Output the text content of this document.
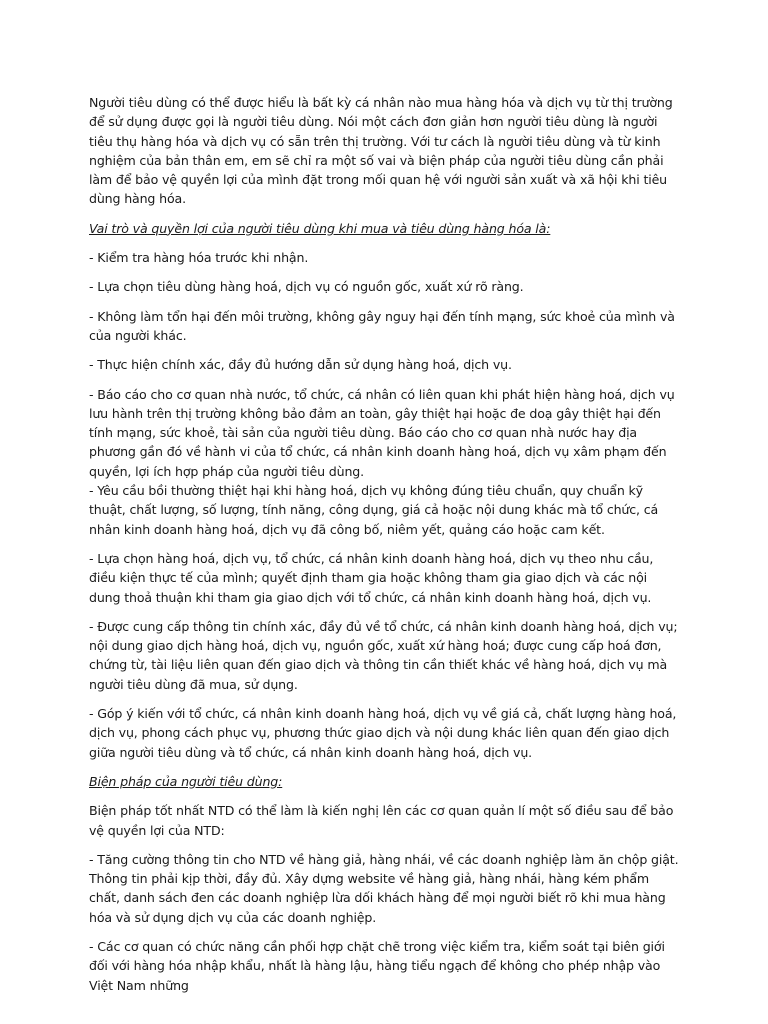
Người tiêu dùng có thể được hiểu là bất kỳ cá nhân nào mua hàng hóa và dịch vụ từ thị trường để sử dụng được gọi là người tiêu dùng. Nói một cách đơn giản hơn người tiêu dùng là người tiêu thụ hàng hóa và dịch vụ có sẵn trên thị trường. Với tư cách là người tiêu dùng và từ kinh nghiệm của bản thân em, em sẽ chỉ ra một số vai và biện pháp của người tiêu dùng cần phải làm để bảo vệ quyền lợi của mình đặt trong mối quan hệ với người sản xuất và xã hội khi tiêu dùng hàng hóa.

Vai trò và quyền lợi của người tiêu dùng khi mua và tiêu dùng hàng hóa là:

- Kiểm tra hàng hóa trước khi nhận.

- Lựa chọn tiêu dùng hàng hoá, dịch vụ có nguồn gốc, xuất xứ rõ ràng.

- Không làm tổn hại đến môi trường, không gây nguy hại đến tính mạng, sức khoẻ của mình và của người khác.

- Thực hiện chính xác, đầy đủ hướng dẫn sử dụng hàng hoá, dịch vụ.

- Báo cáo cho cơ quan nhà nước, tổ chức, cá nhân có liên quan khi phát hiện hàng hoá, dịch vụ lưu hành trên thị trường không bảo đảm an toàn, gây thiệt hại hoặc đe doạ gây thiệt hại đến tính mạng, sức khoẻ, tài sản của người tiêu dùng. Báo cáo cho cơ quan nhà nước hay địa phương gần đó về hành vi của tổ chức, cá nhân kinh doanh hàng hoá, dịch vụ xâm phạm đến quyền, lợi ích hợp pháp của người tiêu dùng.

- Yêu cầu bồi thường thiệt hại khi hàng hoá, dịch vụ không đúng tiêu chuẩn, quy chuẩn kỹ thuật, chất lượng, số lượng, tính năng, công dụng, giá cả hoặc nội dung khác mà tổ chức, cá nhân kinh doanh hàng hoá, dịch vụ đã công bố, niêm yết, quảng cáo hoặc cam kết.

- Lựa chọn hàng hoá, dịch vụ, tổ chức, cá nhân kinh doanh hàng hoá, dịch vụ theo nhu cầu, điều kiện thực tế của mình; quyết định tham gia hoặc không tham gia giao dịch và các nội dung thoả thuận khi tham gia giao dịch với tổ chức, cá nhân kinh doanh hàng hoá, dịch vụ.

- Được cung cấp thông tin chính xác, đầy đủ về tổ chức, cá nhân kinh doanh hàng hoá, dịch vụ; nội dung giao dịch hàng hoá, dịch vụ, nguồn gốc, xuất xứ hàng hoá; được cung cấp hoá đơn, chứng từ, tài liệu liên quan đến giao dịch và thông tin cần thiết khác về hàng hoá, dịch vụ mà người tiêu dùng đã mua, sử dụng.

- Góp ý kiến với tổ chức, cá nhân kinh doanh hàng hoá, dịch vụ về giá cả, chất lượng hàng hoá, dịch vụ, phong cách phục vụ, phương thức giao dịch và nội dung khác liên quan đến giao dịch giữa người tiêu dùng và tổ chức, cá nhân kinh doanh hàng hoá, dịch vụ.

Biện pháp của người tiêu dùng:

Biện pháp tốt nhất NTD có thể làm là kiến nghị lên các cơ quan quản lí một số điều sau để bảo vệ quyền lợi của NTD:

- Tăng cường thông tin cho NTD về hàng giả, hàng nhái, về các doanh nghiệp làm ăn chộp giật. Thông tin phải kịp thời, đầy đủ. Xây dựng website về hàng giả, hàng nhái, hàng kém phẩm chất, danh sách đen các doanh nghiệp lừa dối khách hàng để mọi người biết rõ khi mua hàng hóa và sử dụng dịch vụ của các doanh nghiệp.

- Các cơ quan có chức năng cần phối hợp chặt chẽ trong việc kiểm tra, kiểm soát tại biên giới đối với hàng hóa nhập khẩu, nhất là hàng lậu, hàng tiểu ngạch để không cho phép nhập vào Việt Nam những
